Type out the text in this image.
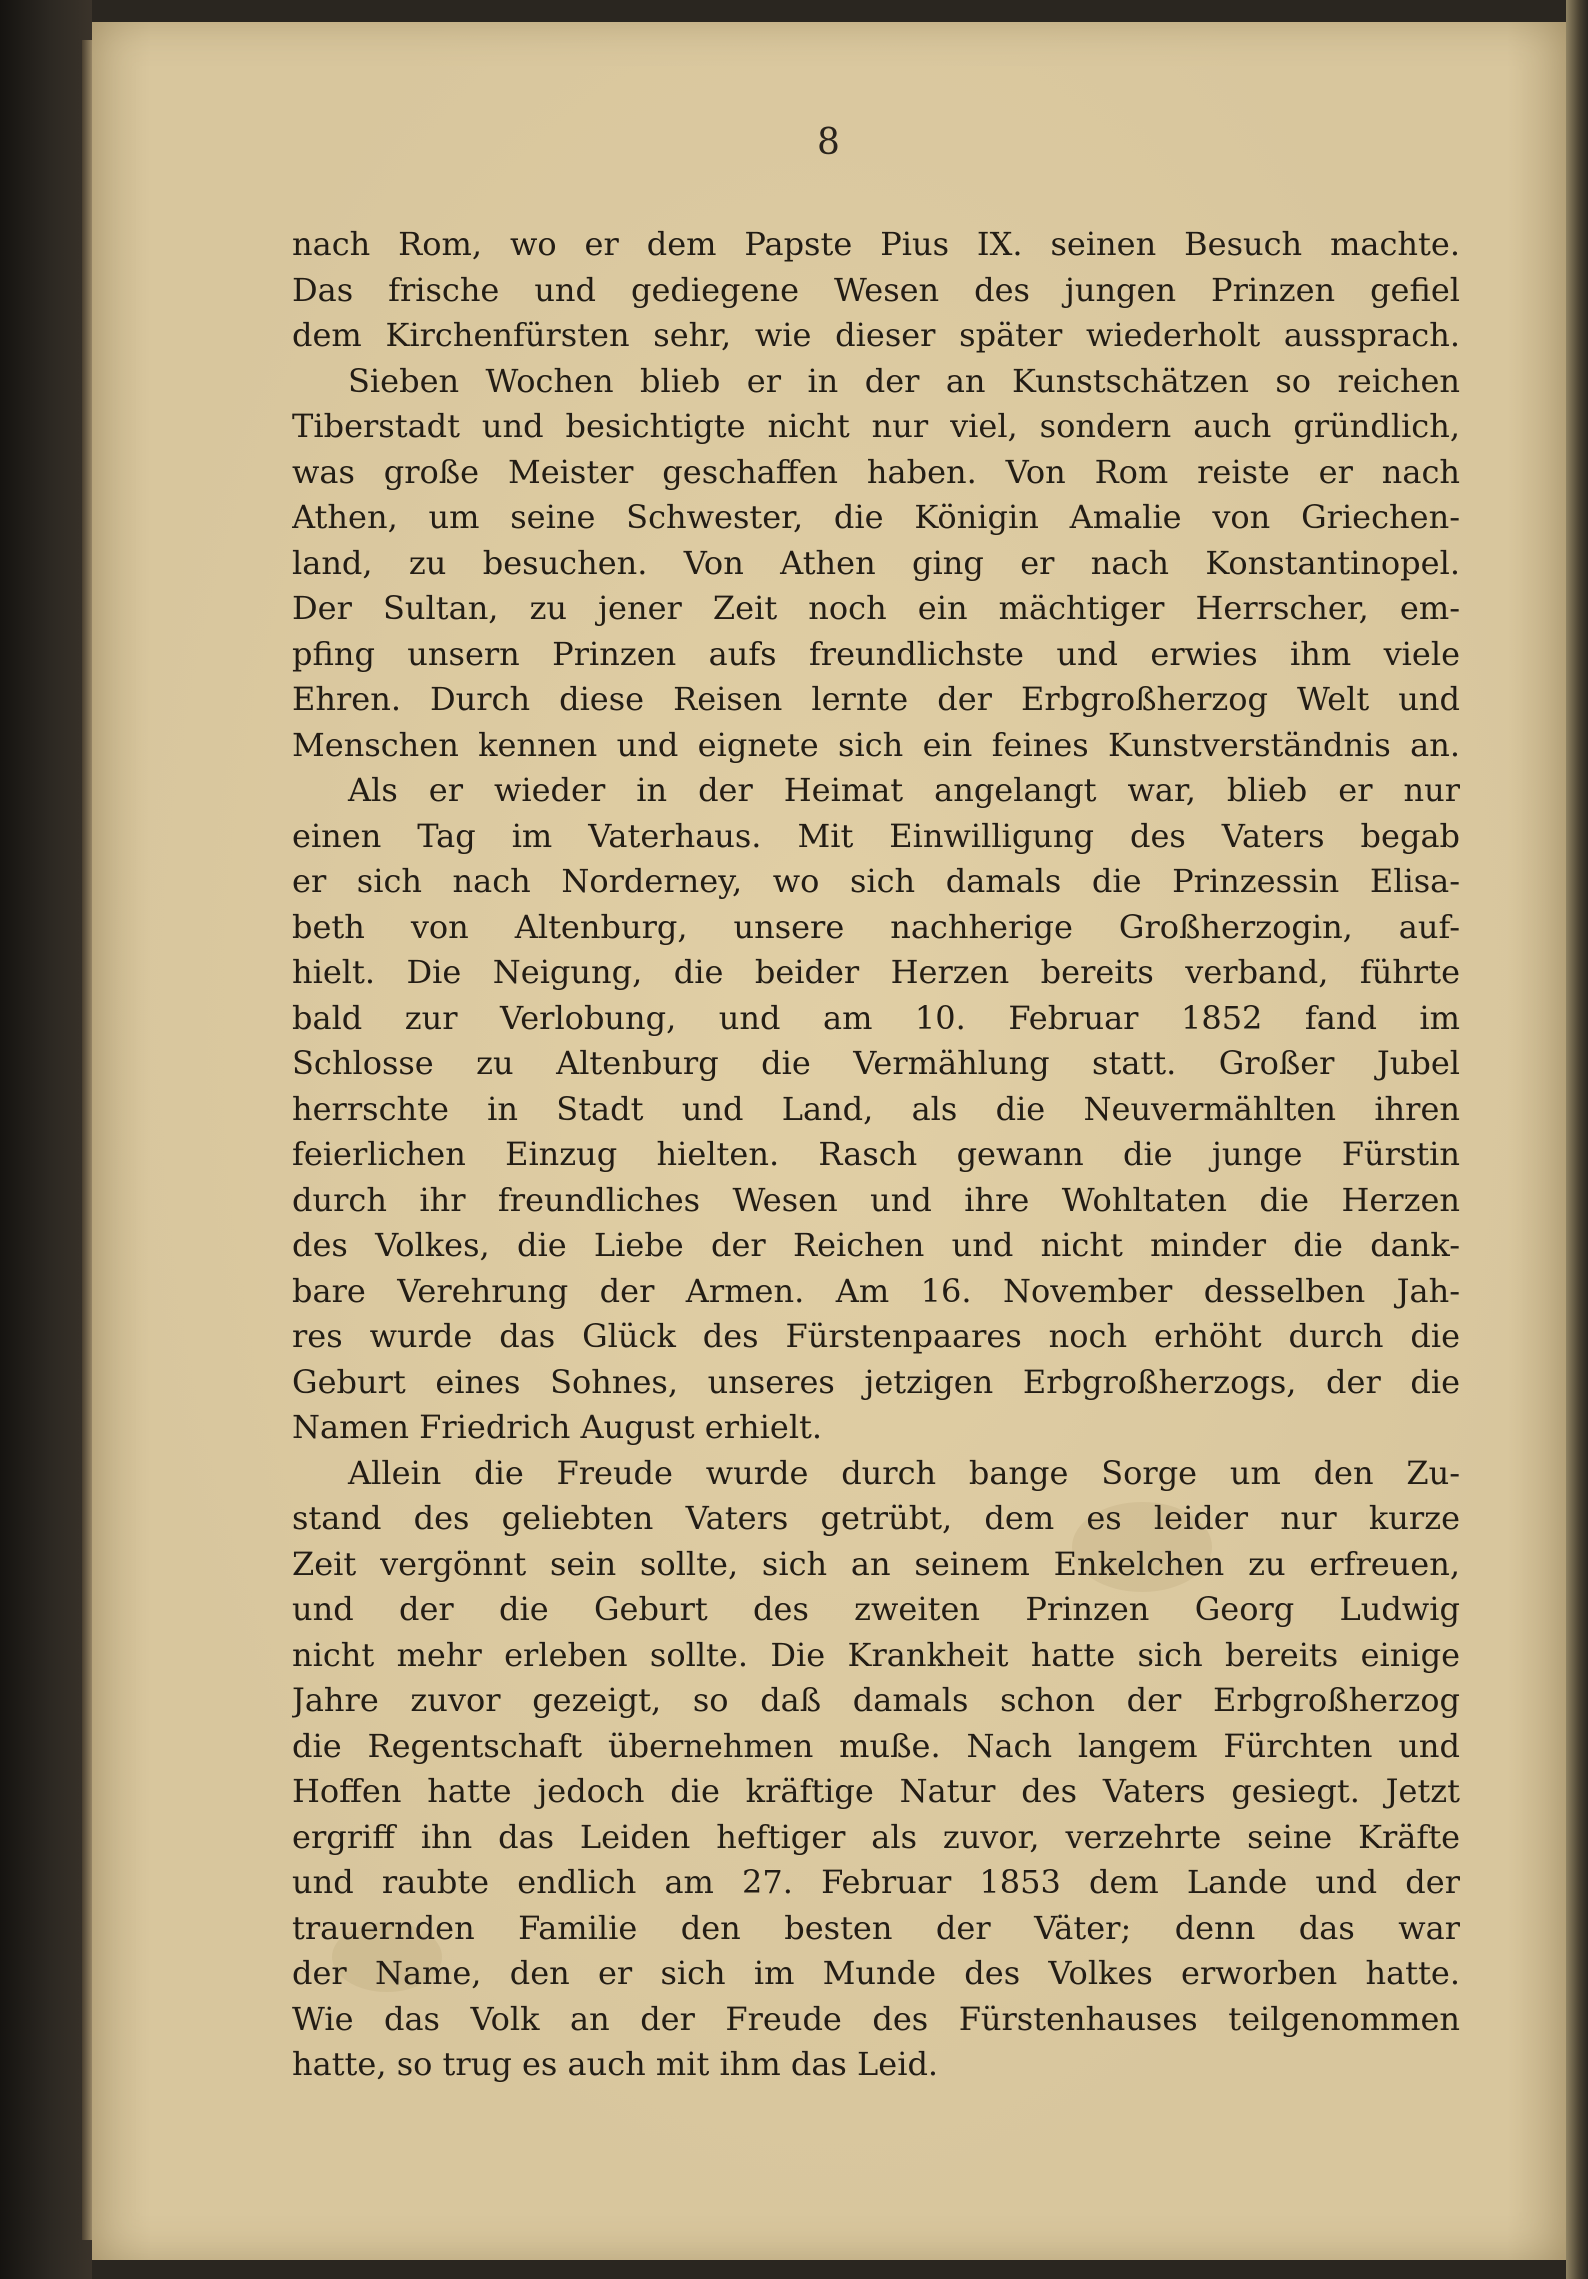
8
nach Rom, wo er dem Papste Pius IX. seinen Besuch machte.
Das frische und gediegene Wesen des jungen Prinzen gefiel
dem Kirchenfürsten sehr, wie dieser später wiederholt aussprach.
Sieben Wochen blieb er in der an Kunstschätzen so reichen
Tiberstadt und besichtigte nicht nur viel, sondern auch gründlich,
was große Meister geschaffen haben. Von Rom reiste er nach
Athen, um seine Schwester, die Königin Amalie von Griechen-
land, zu besuchen. Von Athen ging er nach Konstantinopel.
Der Sultan, zu jener Zeit noch ein mächtiger Herrscher, em-
pfing unsern Prinzen aufs freundlichste und erwies ihm viele
Ehren. Durch diese Reisen lernte der Erbgroßherzog Welt und
Menschen kennen und eignete sich ein feines Kunstverständnis an.
Als er wieder in der Heimat angelangt war, blieb er nur
einen Tag im Vaterhaus. Mit Einwilligung des Vaters begab
er sich nach Norderney, wo sich damals die Prinzessin Elisa-
beth von Altenburg, unsere nachherige Großherzogin, auf-
hielt. Die Neigung, die beider Herzen bereits verband, führte
bald zur Verlobung, und am 10. Februar 1852 fand im
Schlosse zu Altenburg die Vermählung statt. Großer Jubel
herrschte in Stadt und Land, als die Neuvermählten ihren
feierlichen Einzug hielten. Rasch gewann die junge Fürstin
durch ihr freundliches Wesen und ihre Wohltaten die Herzen
des Volkes, die Liebe der Reichen und nicht minder die dank-
bare Verehrung der Armen. Am 16. November desselben Jah-
res wurde das Glück des Fürstenpaares noch erhöht durch die
Geburt eines Sohnes, unseres jetzigen Erbgroßherzogs, der die
Namen Friedrich August erhielt.
Allein die Freude wurde durch bange Sorge um den Zu-
stand des geliebten Vaters getrübt, dem es leider nur kurze
Zeit vergönnt sein sollte, sich an seinem Enkelchen zu erfreuen,
und der die Geburt des zweiten Prinzen Georg Ludwig
nicht mehr erleben sollte. Die Krankheit hatte sich bereits einige
Jahre zuvor gezeigt, so daß damals schon der Erbgroßherzog
die Regentschaft übernehmen muße. Nach langem Fürchten und
Hoffen hatte jedoch die kräftige Natur des Vaters gesiegt. Jetzt
ergriff ihn das Leiden heftiger als zuvor, verzehrte seine Kräfte
und raubte endlich am 27. Februar 1853 dem Lande und der
trauernden Familie den besten der Väter; denn das war
der Name, den er sich im Munde des Volkes erworben hatte.
Wie das Volk an der Freude des Fürstenhauses teilgenommen
hatte, so trug es auch mit ihm das Leid.
